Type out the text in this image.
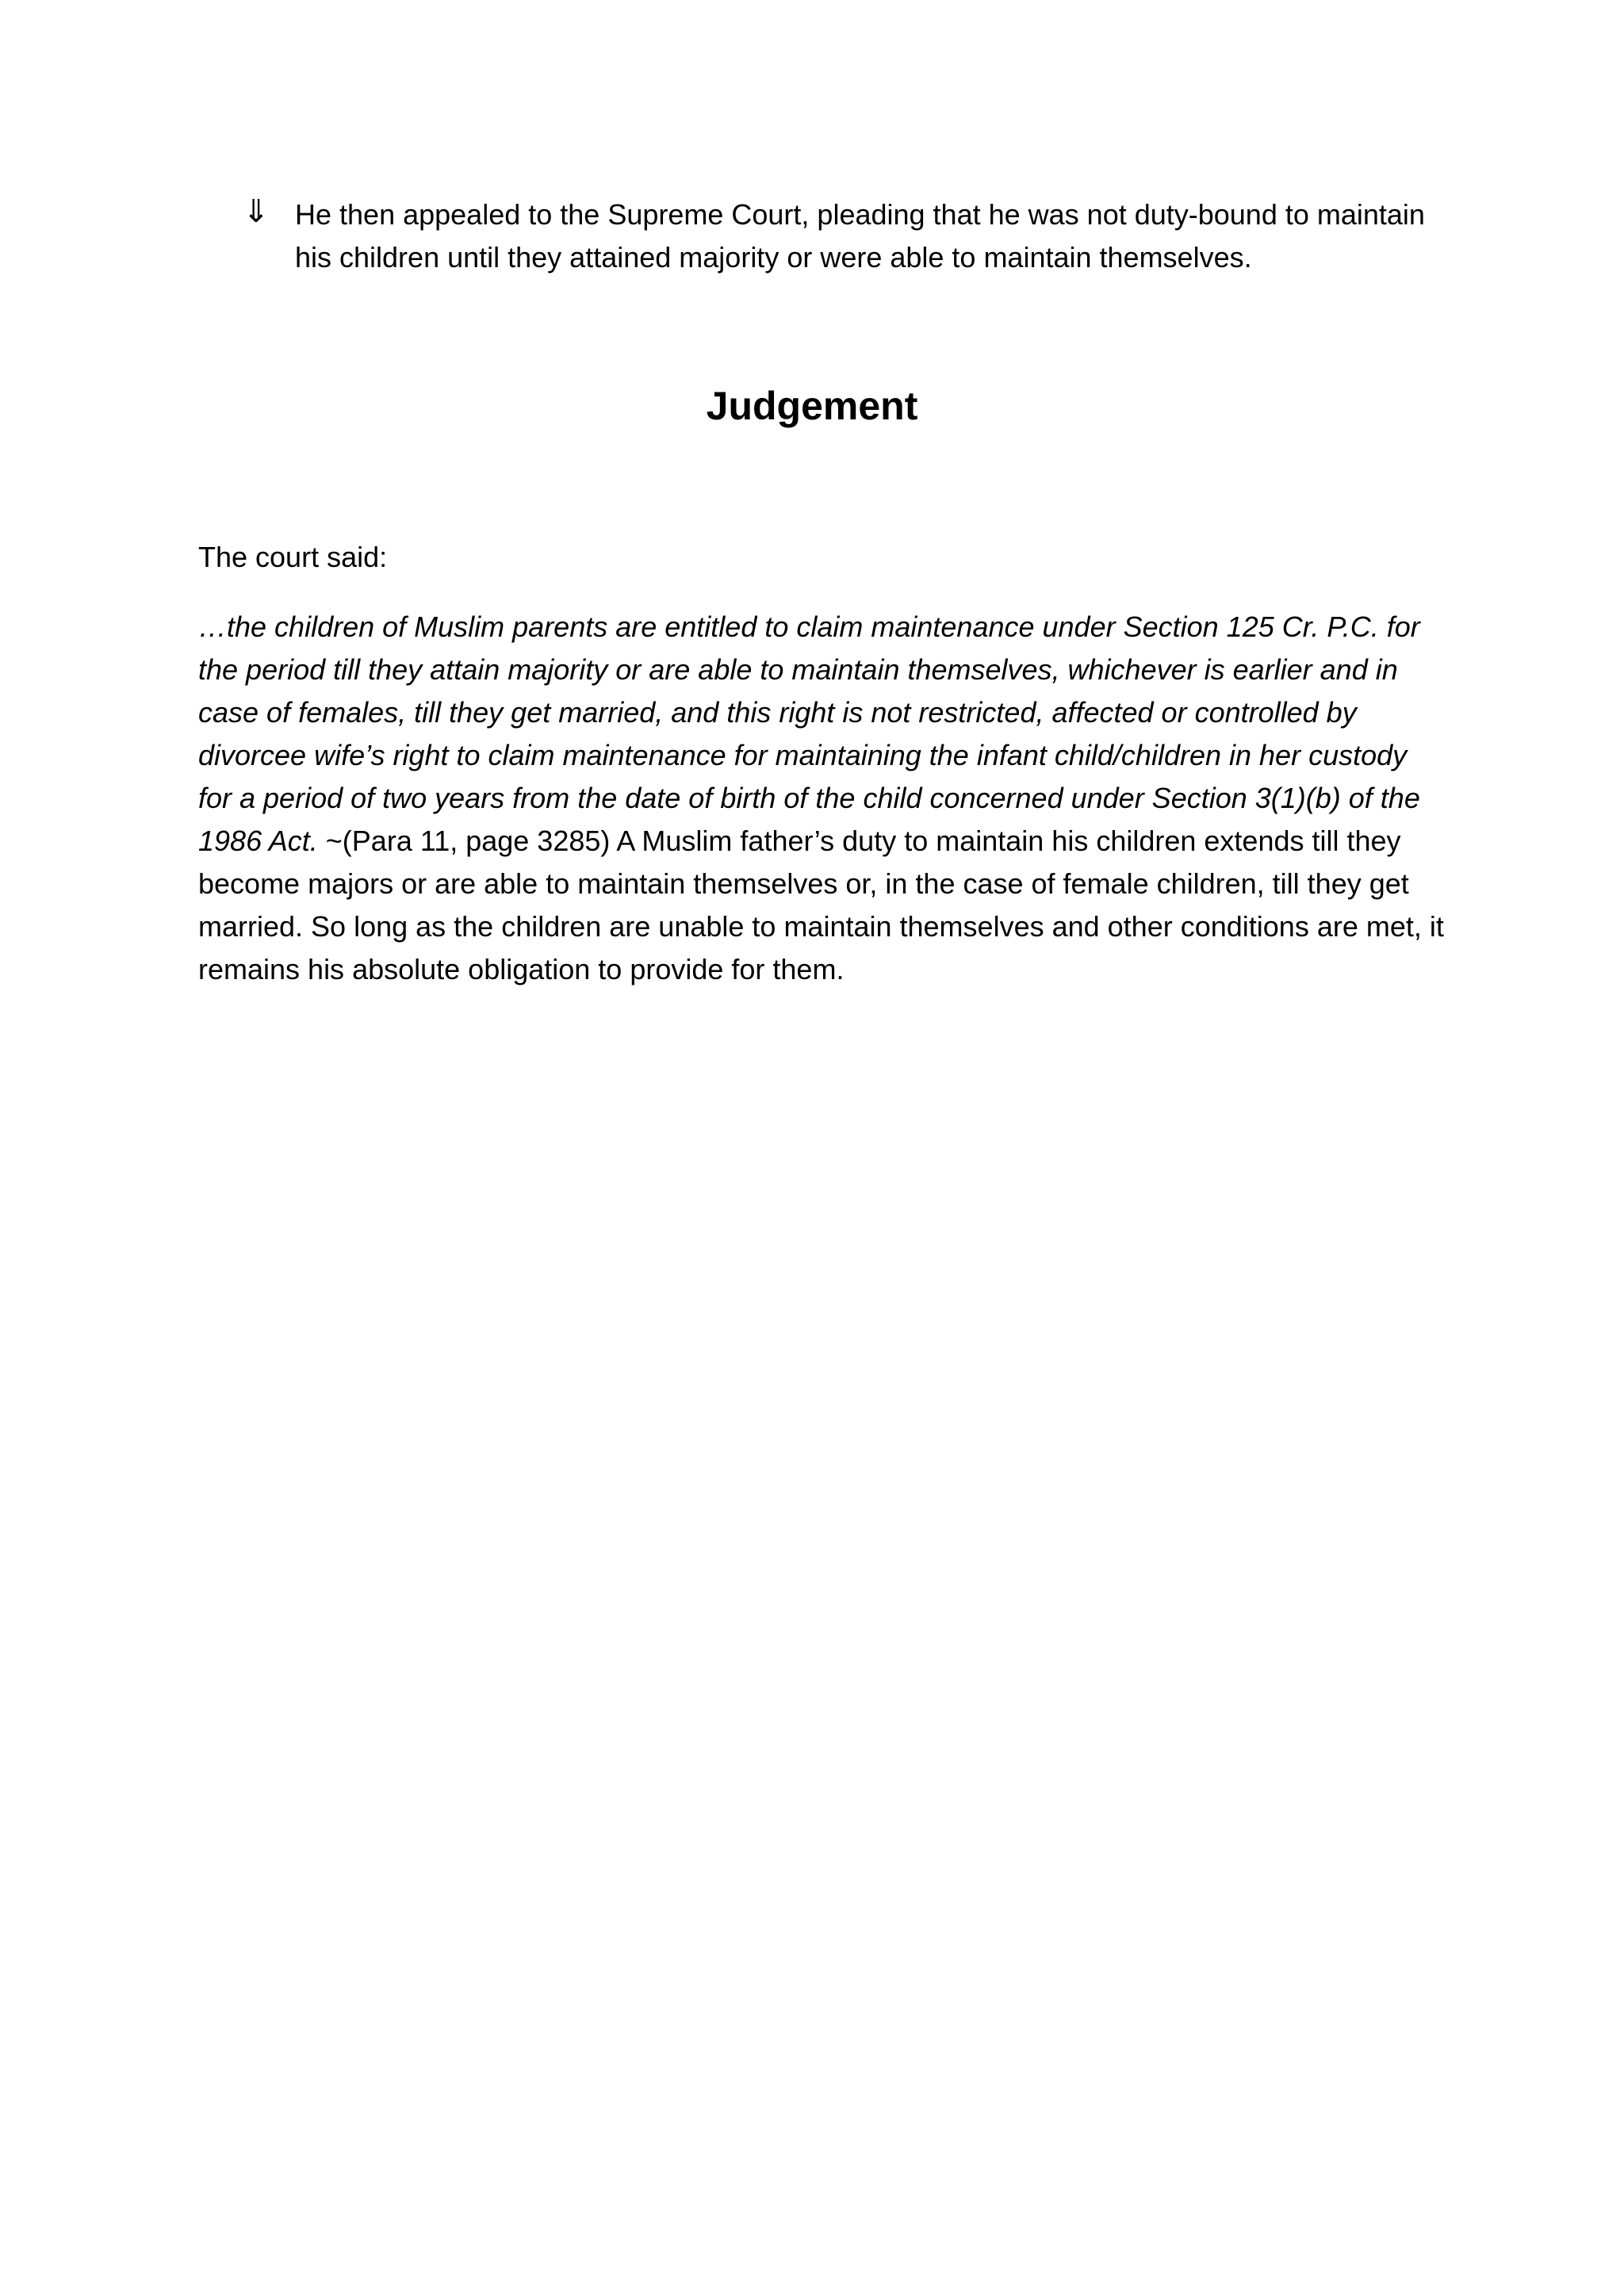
⇓ He then appealed to the Supreme Court, pleading that he was not duty-bound to maintain his children until they attained majority or were able to maintain themselves.
Judgement
The court said:
…the children of Muslim parents are entitled to claim maintenance under Section 125 Cr. P.C. for the period till they attain majority or are able to maintain themselves, whichever is earlier and in case of females, till they get married, and this right is not restricted, affected or controlled by divorcee wife’s right to claim maintenance for maintaining the infant child/children in her custody for a period of two years from the date of birth of the child concerned under Section 3(1)(b) of the 1986 Act. ~(Para 11, page 3285) A Muslim father’s duty to maintain his children extends till they become majors or are able to maintain themselves or, in the case of female children, till they get married. So long as the children are unable to maintain themselves and other conditions are met, it remains his absolute obligation to provide for them.
